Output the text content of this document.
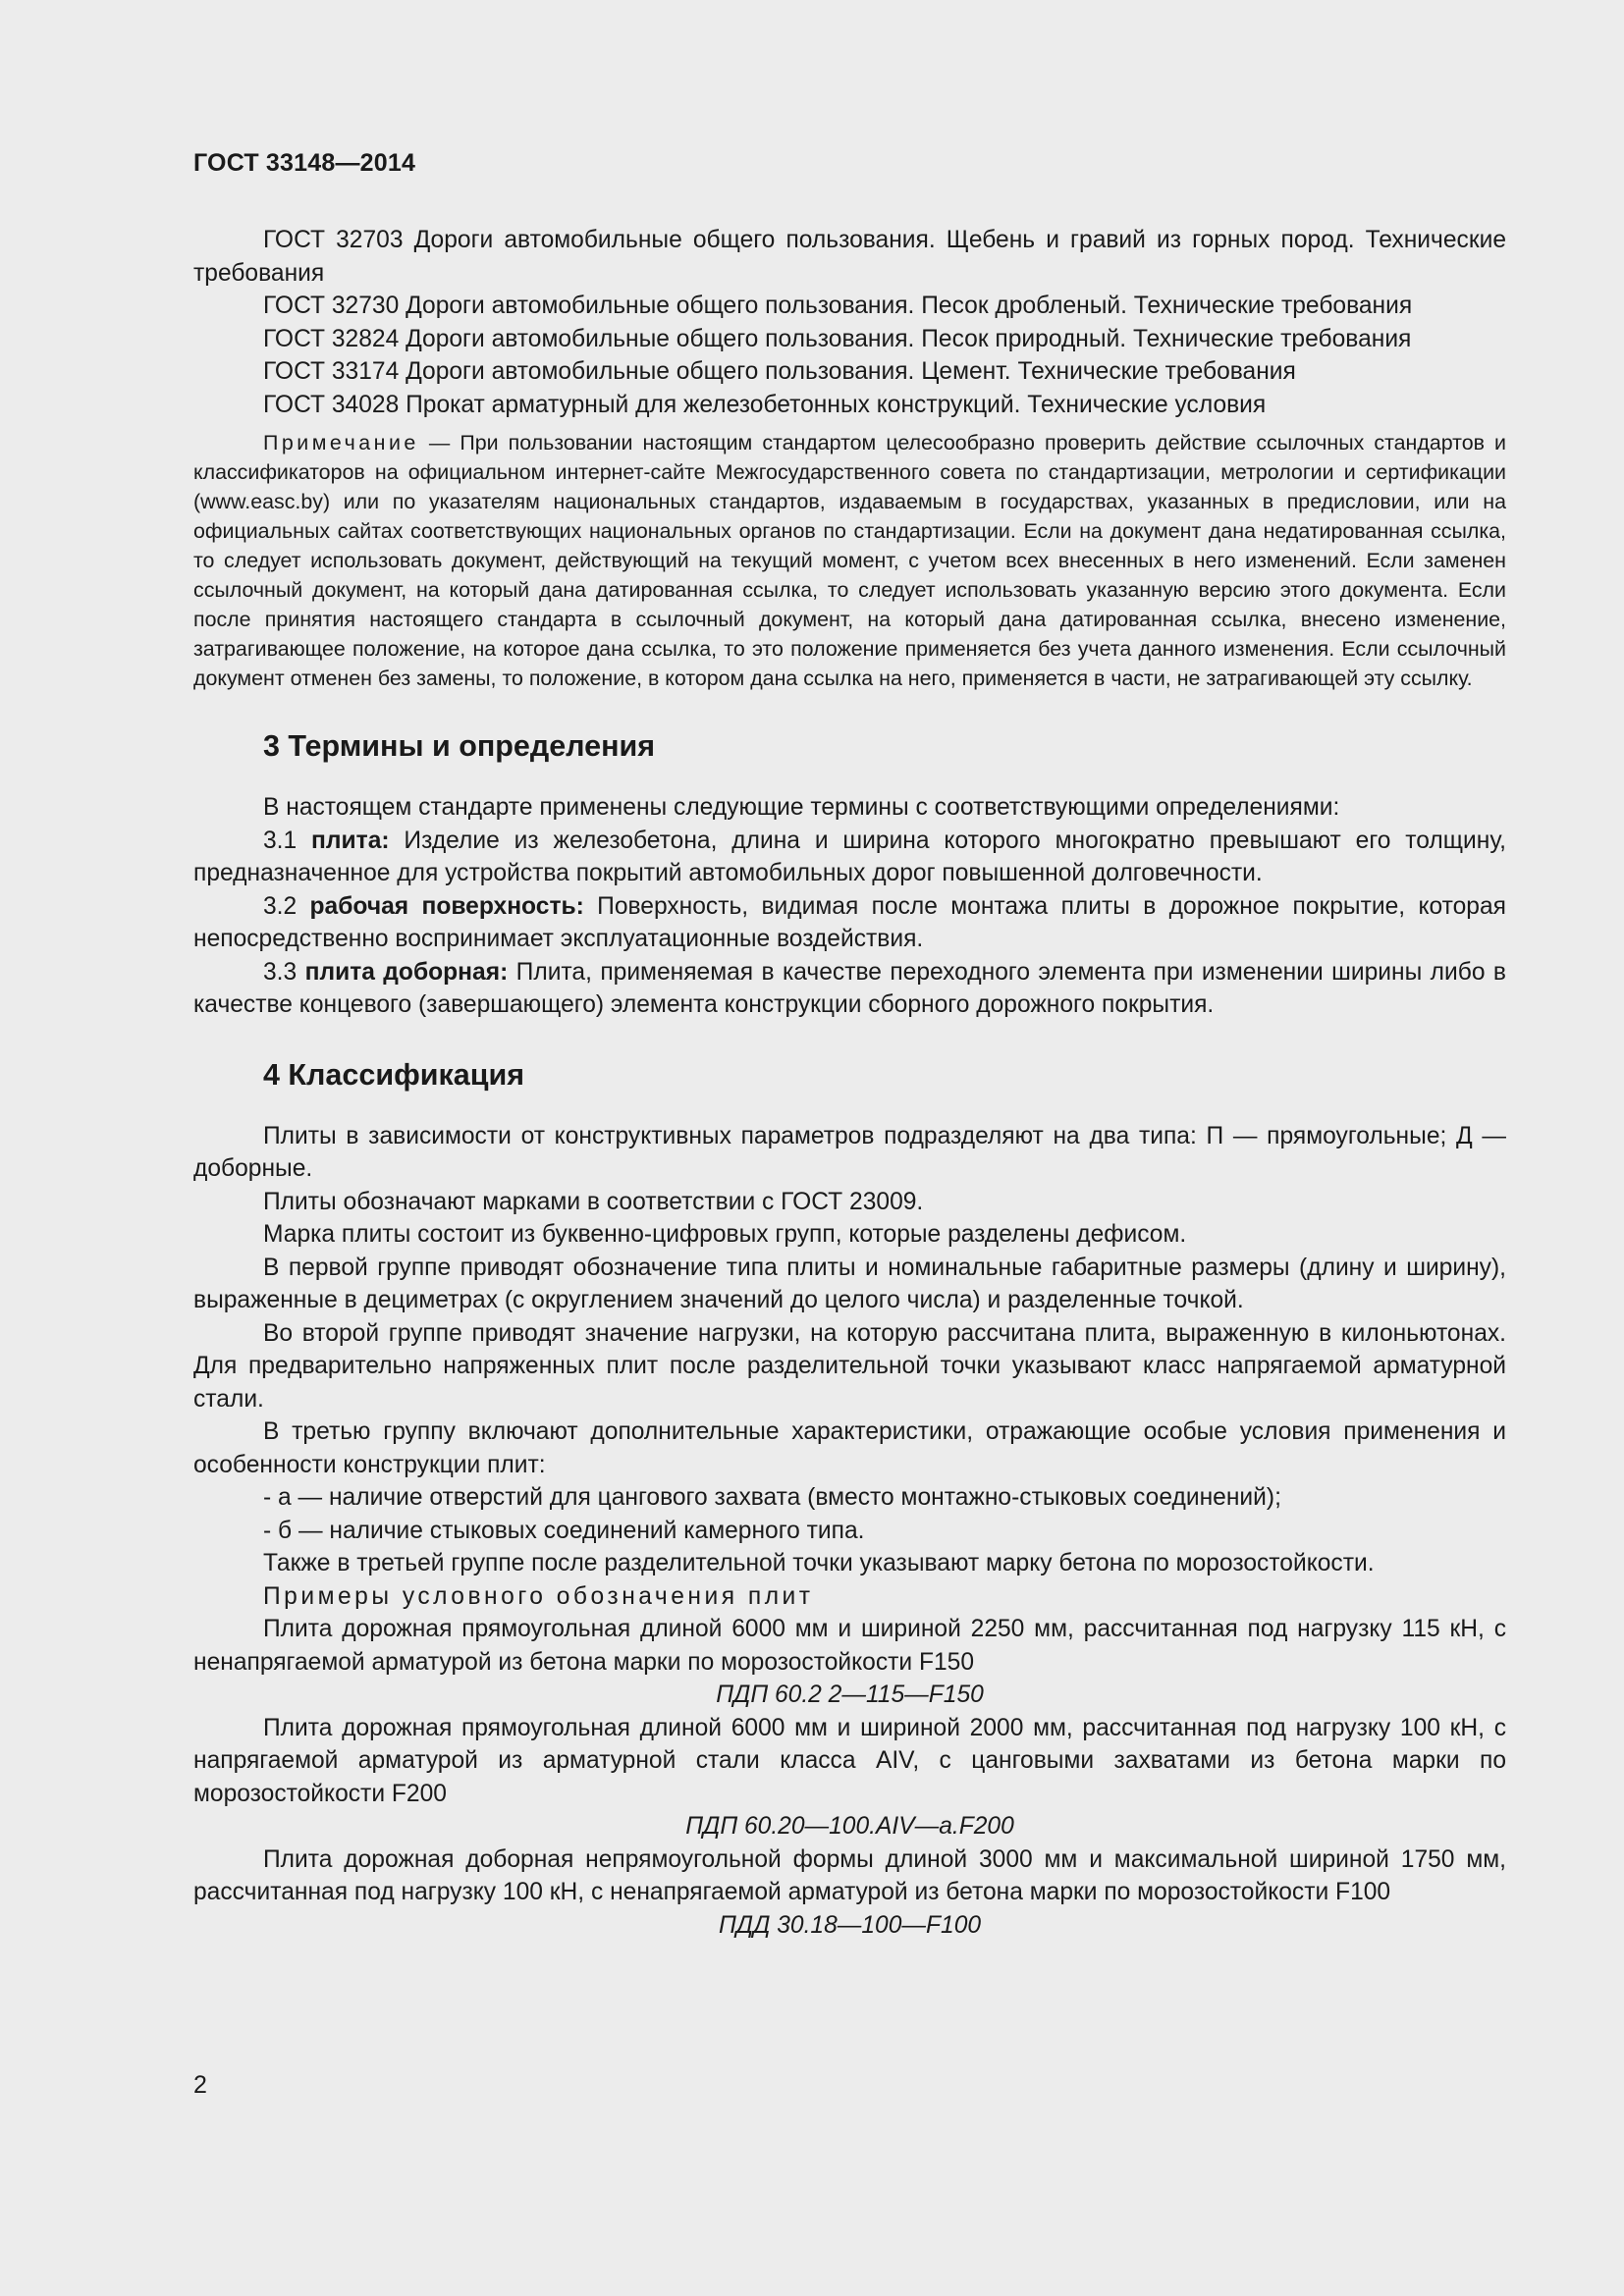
ГОСТ 33148—2014

ГОСТ 32703 Дороги автомобильные общего пользования. Щебень и гравий из горных пород. Технические требования

ГОСТ 32730 Дороги автомобильные общего пользования. Песок дробленый. Технические требования

ГОСТ 32824 Дороги автомобильные общего пользования. Песок природный. Технические требования

ГОСТ 33174 Дороги автомобильные общего пользования. Цемент. Технические требования

ГОСТ 34028 Прокат арматурный для железобетонных конструкций. Технические условия

Примечание — При пользовании настоящим стандартом целесообразно проверить действие ссылочных стандартов и классификаторов на официальном интернет-сайте Межгосударственного совета по стандартизации, метрологии и сертификации (www.easc.by) или по указателям национальных стандартов, издаваемым в государствах, указанных в предисловии, или на официальных сайтах соответствующих национальных органов по стандартизации. Если на документ дана недатированная ссылка, то следует использовать документ, действующий на текущий момент, с учетом всех внесенных в него изменений. Если заменен ссылочный документ, на который дана датированная ссылка, то следует использовать указанную версию этого документа. Если после принятия настоящего стандарта в ссылочный документ, на который дана датированная ссылка, внесено изменение, затрагивающее положение, на которое дана ссылка, то это положение применяется без учета данного изменения. Если ссылочный документ отменен без замены, то положение, в котором дана ссылка на него, применяется в части, не затрагивающей эту ссылку.

3 Термины и определения

В настоящем стандарте применены следующие термины с соответствующими определениями:

3.1 плита: Изделие из железобетона, длина и ширина которого многократно превышают его толщину, предназначенное для устройства покрытий автомобильных дорог повышенной долговечности.

3.2 рабочая поверхность: Поверхность, видимая после монтажа плиты в дорожное покрытие, которая непосредственно воспринимает эксплуатационные воздействия.

3.3 плита доборная: Плита, применяемая в качестве переходного элемента при изменении ширины либо в качестве концевого (завершающего) элемента конструкции сборного дорожного покрытия.

4 Классификация

Плиты в зависимости от конструктивных параметров подразделяют на два типа: П — прямоугольные; Д — доборные.

Плиты обозначают марками в соответствии с ГОСТ 23009.

Марка плиты состоит из буквенно-цифровых групп, которые разделены дефисом.

В первой группе приводят обозначение типа плиты и номинальные габаритные размеры (длину и ширину), выраженные в дециметрах (с округлением значений до целого числа) и разделенные точкой.

Во второй группе приводят значение нагрузки, на которую рассчитана плита, выраженную в килоньютонах. Для предварительно напряженных плит после разделительной точки указывают класс напрягаемой арматурной стали.

В третью группу включают дополнительные характеристики, отражающие особые условия применения и особенности конструкции плит:

- а — наличие отверстий для цангового захвата (вместо монтажно-стыковых соединений);

- б — наличие стыковых соединений камерного типа.

Также в третьей группе после разделительной точки указывают марку бетона по морозостойкости.

Примеры условного обозначения плит

Плита дорожная прямоугольная длиной 6000 мм и шириной 2250 мм, рассчитанная под нагрузку 115 кН, с ненапрягаемой арматурой из бетона марки по морозостойкости F150

ПДП 60.2 2—115—F150

Плита дорожная прямоугольная длиной 6000 мм и шириной 2000 мм, рассчитанная под нагрузку 100 кН, с напрягаемой арматурой из арматурной стали класса AIV, с цанговыми захватами из бетона марки по морозостойкости F200

ПДП 60.20—100.AIV—а.F200

Плита дорожная доборная непрямоугольной формы длиной 3000 мм и максимальной шириной 1750 мм, рассчитанная под нагрузку 100 кН, с ненапрягаемой арматурой из бетона марки по морозостойкости F100

ПДД 30.18—100—F100

2
